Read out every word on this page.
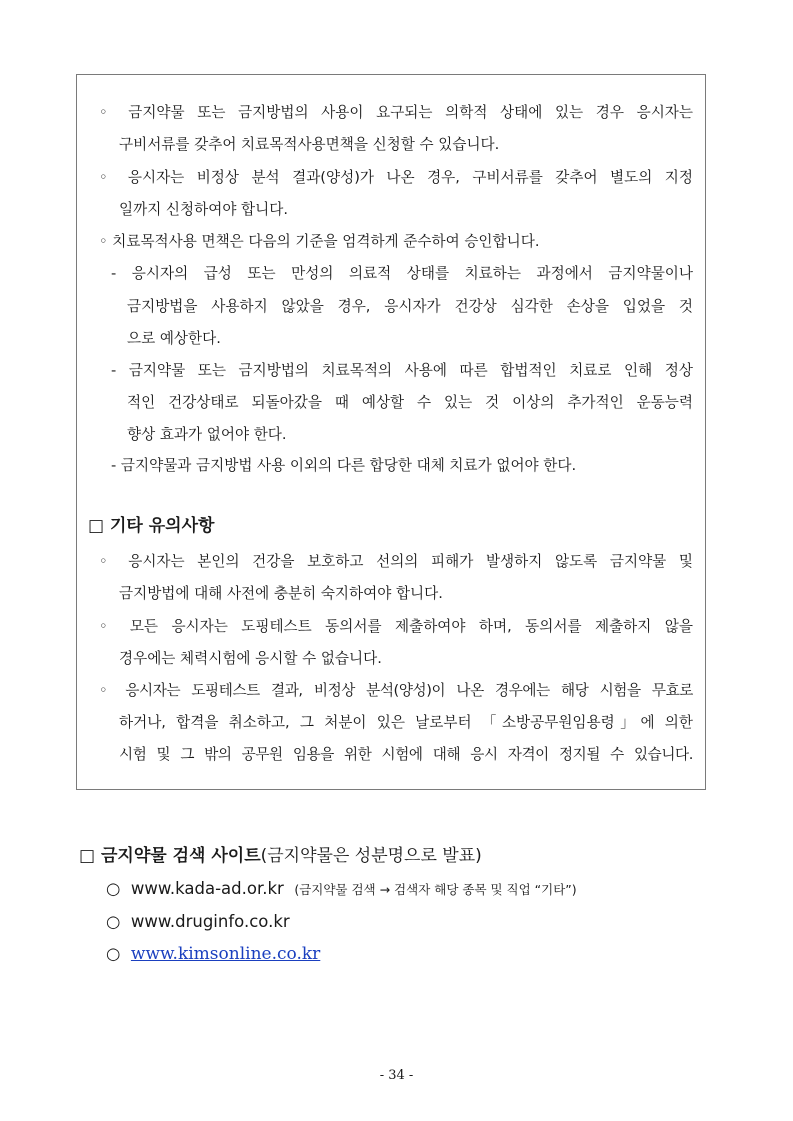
◦ 금지약물 또는 금지방법의 사용이 요구되는 의학적 상태에 있는 경우 응시자는
구비서류를 갖추어 치료목적사용면책을 신청할 수 있습니다.
◦ 응시자는 비정상 분석 결과(양성)가 나온 경우, 구비서류를 갖추어 별도의 지정
일까지 신청하여야 합니다.
◦ 치료목적사용 면책은 다음의 기준을 엄격하게 준수하여 승인합니다.
- 응시자의 급성 또는 만성의 의료적 상태를 치료하는 과정에서 금지약물이나
금지방법을 사용하지 않았을 경우, 응시자가 건강상 심각한 손상을 입었을 것
으로 예상한다.
- 금지약물 또는 금지방법의 치료목적의 사용에 따른 합법적인 치료로 인해 정상
적인 건강상태로 되돌아갔을 때 예상할 수 있는 것 이상의 추가적인 운동능력
향상 효과가 없어야 한다.
- 금지약물과 금지방법 사용 이외의 다른 합당한 대체 치료가 없어야 한다.
□ 기타 유의사항
◦ 응시자는 본인의 건강을 보호하고 선의의 피해가 발생하지 않도록 금지약물 및
금지방법에 대해 사전에 충분히 숙지하여야 합니다.
◦ 모든 응시자는 도핑테스트 동의서를 제출하여야 하며, 동의서를 제출하지 않을
경우에는 체력시험에 응시할 수 없습니다.
◦ 응시자는 도핑테스트 결과, 비정상 분석(양성)이 나온 경우에는 해당 시험을 무효로
하거나, 합격을 취소하고, 그 처분이 있은 날로부터 「소방공무원임용령」에 의한
시험 및 그 밖의 공무원 임용을 위한 시험에 대해 응시 자격이 정지될 수 있습니다.
□ 금지약물 검색 사이트(금지약물은 성분명으로 발표)
○ www.kada-ad.or.kr (금지약물 검색 → 검색자 해당 종목 및 직업 “기타”)
○ www.druginfo.co.kr
○ www.kimsonline.co.kr
- 34 -
